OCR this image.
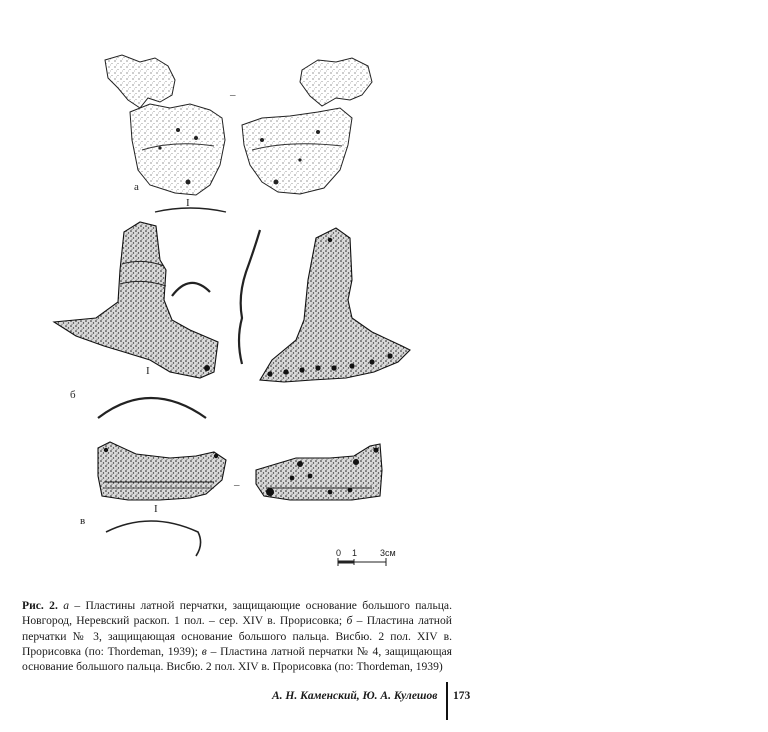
–
а
I
I
б
–
I
в
0 1	3см
Рис. 2. а – Пластины латной перчатки, защищающие основание большого пальца. Новгород, Неревский раскоп. 1 пол. – сер. XIV в. Прорисовка; б – Пластина латной перчатки № 3, защищающая основание большого пальца. Висбю. 2 пол. XIV в. Прорисовка (по: Thordeman, 1939); в – Пластина латной перчатки № 4, защищающая основание большого пальца. Висбю. 2 пол. XIV в. Прорисовка (по: Thordeman, 1939)
А. Н. Каменский, Ю. А. Кулешов 173
